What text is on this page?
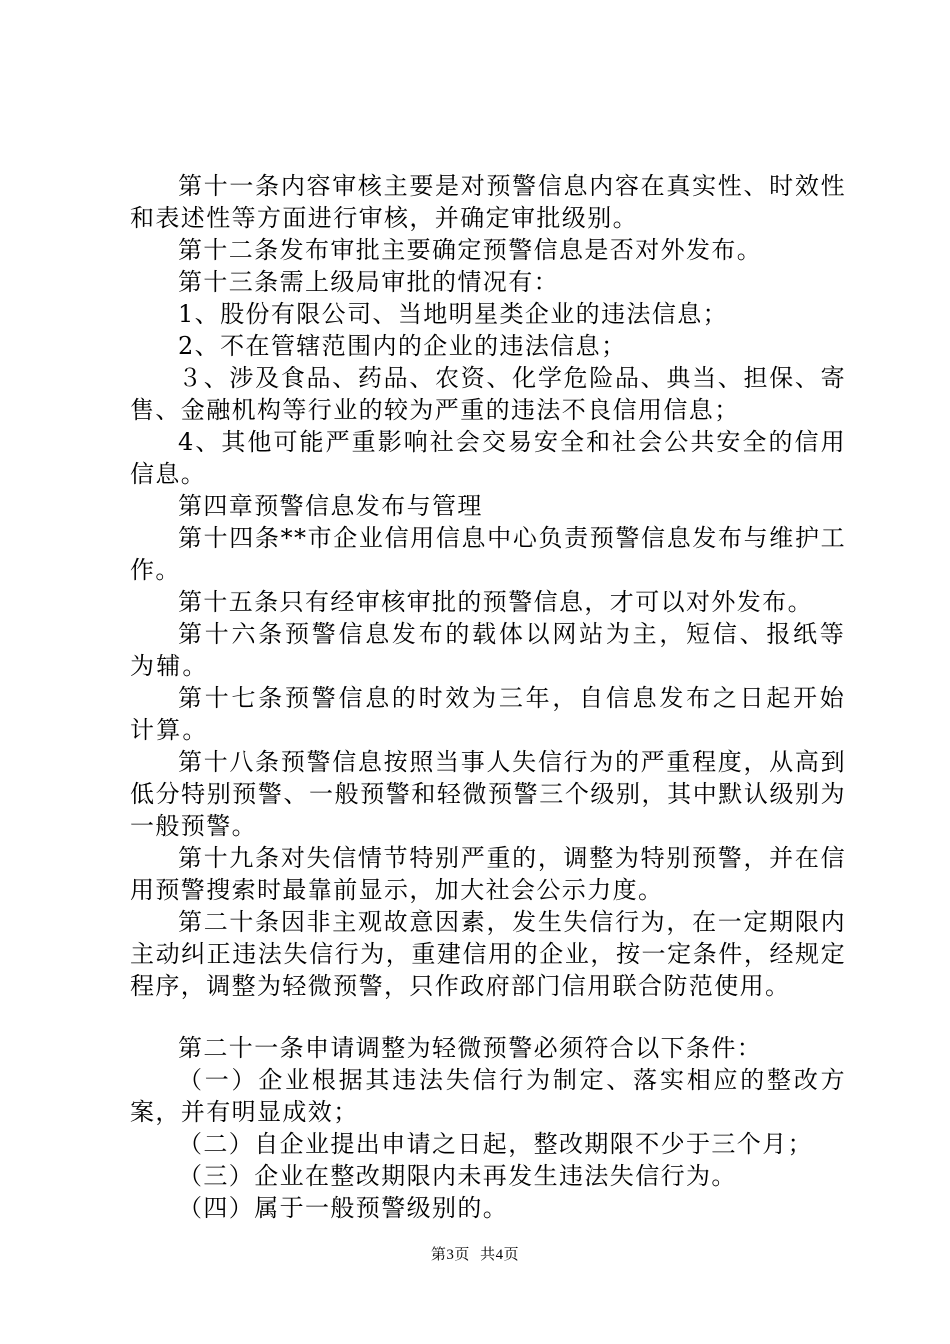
第十一条内容审核主要是对预警信息内容在真实性、时效性和表述性等方面进行审核，并确定审批级别。

第十二条发布审批主要确定预警信息是否对外发布。

第十三条需上级局审批的情况有：

1、股份有限公司、当地明星类企业的违法信息；

2、不在管辖范围内的企业的违法信息；

３、涉及食品、药品、农资、化学危险品、典当、担保、寄售、金融机构等行业的较为严重的违法不良信用信息；

4、其他可能严重影响社会交易安全和社会公共安全的信用信息。

第四章预警信息发布与管理

第十四条**市企业信用信息中心负责预警信息发布与维护工作。

第十五条只有经审核审批的预警信息，才可以对外发布。

第十六条预警信息发布的载体以网站为主，短信、报纸等为辅。

第十七条预警信息的时效为三年，自信息发布之日起开始计算。

第十八条预警信息按照当事人失信行为的严重程度，从高到低分特别预警、一般预警和轻微预警三个级别，其中默认级别为一般预警。

第十九条对失信情节特别严重的，调整为特别预警，并在信用预警搜索时最靠前显示，加大社会公示力度。

第二十条因非主观故意因素，发生失信行为，在一定期限内主动纠正违法失信行为，重建信用的企业，按一定条件，经规定程序，调整为轻微预警，只作政府部门信用联合防范使用。

第二十一条申请调整为轻微预警必须符合以下条件：

（一）企业根据其违法失信行为制定、落实相应的整改方案，并有明显成效；

（二）自企业提出申请之日起，整改期限不少于三个月；

（三）企业在整改期限内未再发生违法失信行为。

（四）属于一般预警级别的。

第3页 共4页
